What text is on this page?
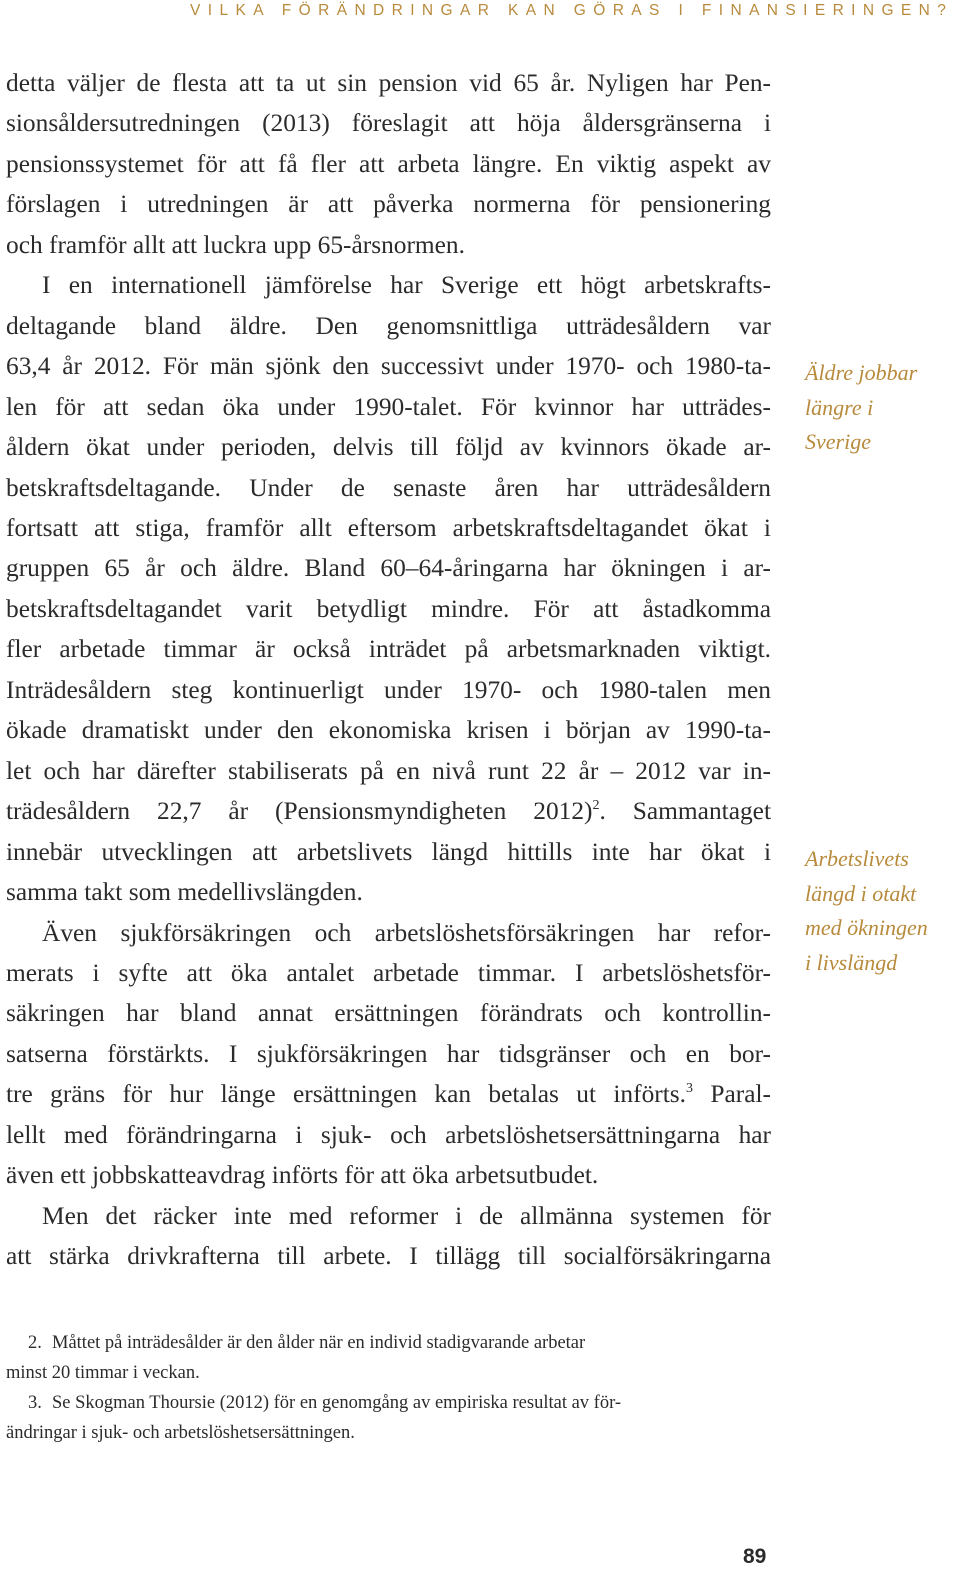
VILKA FÖRÄNDRINGAR KAN GÖRAS I FINANSIERINGEN?
detta väljer de flesta att ta ut sin pension vid 65 år. Nyligen har Pen-
sionsåldersutredningen (2013) föreslagit att höja åldersgränserna i
pensionssystemet för att få fler att arbeta längre. En viktig aspekt av
förslagen i utredningen är att påverka normerna för pensionering
och framför allt att luckra upp 65-årsnormen.
I en internationell jämförelse har Sverige ett högt arbetskrafts-
deltagande bland äldre. Den genomsnittliga utträdesåldern var
63,4 år 2012. För män sjönk den successivt under 1970- och 1980-ta-
len för att sedan öka under 1990-talet. För kvinnor har utträdes-
åldern ökat under perioden, delvis till följd av kvinnors ökade ar-
betskraftsdeltagande. Under de senaste åren har utträdesåldern
fortsatt att stiga, framför allt eftersom arbetskraftsdeltagandet ökat i
gruppen 65 år och äldre. Bland 60–64-åringarna har ökningen i ar-
betskraftsdeltagandet varit betydligt mindre. För att åstadkomma
fler arbetade timmar är också inträdet på arbetsmarknaden viktigt.
Inträdesåldern steg kontinuerligt under 1970- och 1980-talen men
ökade dramatiskt under den ekonomiska krisen i början av 1990-ta-
let och har därefter stabiliserats på en nivå runt 22 år – 2012 var in-
trädesåldern 22,7 år (Pensionsmyndigheten 2012)$^2$. Sammantaget
innebär utvecklingen att arbetslivets längd hittills inte har ökat i
samma takt som medellivslängden.
Även sjukförsäkringen och arbetslöshetsförsäkringen har refor-
merats i syfte att öka antalet arbetade timmar. I arbetslöshetsför-
säkringen har bland annat ersättningen förändrats och kontrollin-
satserna förstärkts. I sjukförsäkringen har tidsgränser och en bor-
tre gräns för hur länge ersättningen kan betalas ut införts.$^3$ Paral-
lellt med förändringarna i sjuk- och arbetslöshetsersättningarna har
även ett jobbskatteavdrag införts för att öka arbetsutbudet.
Men det räcker inte med reformer i de allmänna systemen för
att stärka drivkrafterna till arbete. I tillägg till socialförsäkringarna
Äldre jobbar
längre i
Sverige
Arbetslivets
längd i otakt
med ökningen
i livslängd
2. Måttet på inträdesålder är den ålder när en individ stadigvarande arbetar
minst 20 timmar i veckan.
3. Se Skogman Thoursie (2012) för en genomgång av empiriska resultat av för-
ändringar i sjuk- och arbetslöshetsersättningen.
89
